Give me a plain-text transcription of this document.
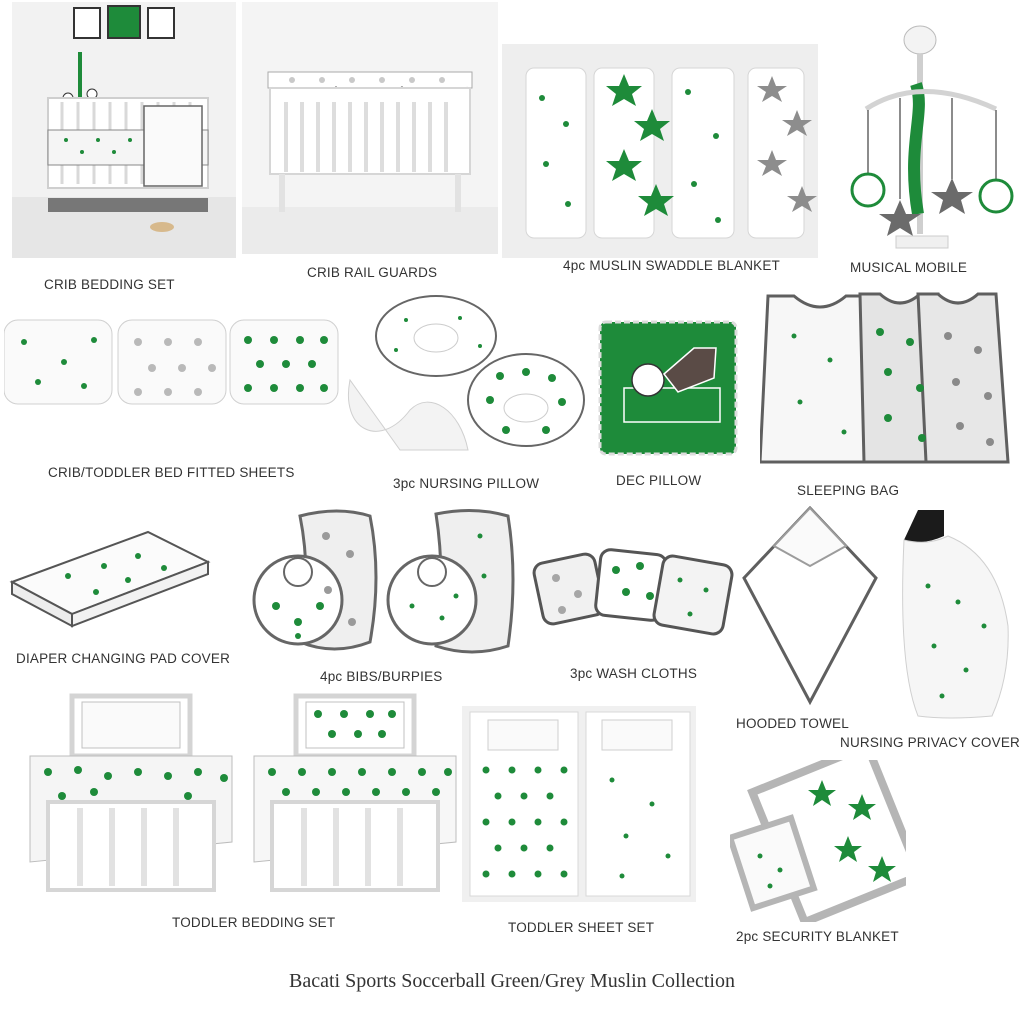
CRIB BEDDING SET
CRIB RAIL GUARDS	4pc MUSLIN SWADDLE BLANKET	MUSICAL MOBILE
CRIB/TODDLER BED FITTED SHEETS
3pc NURSING PILLOW	DEC PILLOW
SLEEPING BAG
DIAPER CHANGING PAD COVER
4pc BIBS/BURPIES	3pc WASH CLOTHS
HOODED TOWEL
NURSING PRIVACY COVER
TODDLER BEDDING SET	TODDLER SHEET SET
2pc SECURITY BLANKET
Bacati Sports Soccerball Green/Grey Muslin Collection
